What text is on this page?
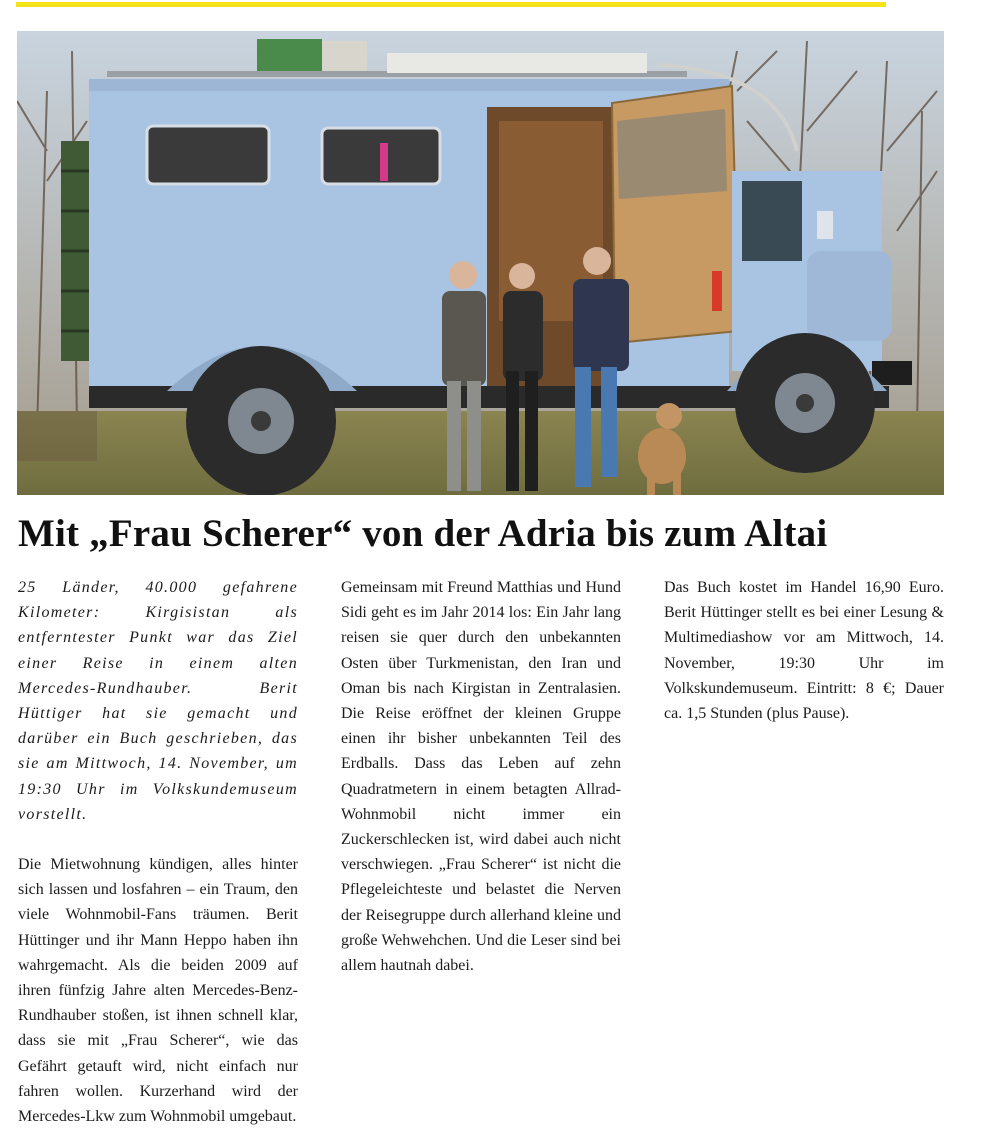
Mit „Frau Scherer“ von der Adria bis zum Altai

25 Länder, 40.000 gefahrene Kilometer: Kirgisistan als entferntester Punkt war das Ziel einer Reise in einem alten Mercedes-Rundhauber. Berit Hüttiger hat sie gemacht und darüber ein Buch geschrieben, das sie am Mittwoch, 14. November, um 19:30 Uhr im Volkskundemuseum vorstellt.

Die Mietwohnung kündigen, alles hinter sich lassen und losfahren – ein Traum, den viele Wohnmobil-Fans träumen. Berit Hüttinger und ihr Mann Heppo haben ihn wahrgemacht. Als die beiden 2009 auf ihren fünfzig Jahre alten Mercedes-Benz-Rundhauber stoßen, ist ihnen schnell klar, dass sie mit „Frau Scherer“, wie das Gefährt getauft wird, nicht einfach nur fahren wollen. Kurzerhand wird der Mercedes-Lkw zum Wohnmobil umgebaut.

Gemeinsam mit Freund Matthias und Hund Sidi geht es im Jahr 2014 los: Ein Jahr lang reisen sie quer durch den unbekannten Osten über Turkmenistan, den Iran und Oman bis nach Kirgistan in Zentralasien. Die Reise eröffnet der kleinen Gruppe einen ihr bisher unbekannten Teil des Erdballs. Dass das Leben auf zehn Quadratmetern in einem betagten Allrad-Wohnmobil nicht immer ein Zuckerschlecken ist, wird dabei auch nicht verschwiegen. „Frau Scherer“ ist nicht die Pflegeleichteste und belastet die Nerven der Reisegruppe durch allerhand kleine und große Wehwehchen. Und die Leser sind bei allem hautnah dabei.

Das Buch kostet im Handel 16,90 Euro. Berit Hüttinger stellt es bei einer Lesung & Multimediashow vor am Mittwoch, 14. November, 19:30 Uhr im Volkskundemuseum. Eintritt: 8 €; Dauer ca. 1,5 Stunden (plus Pause).
